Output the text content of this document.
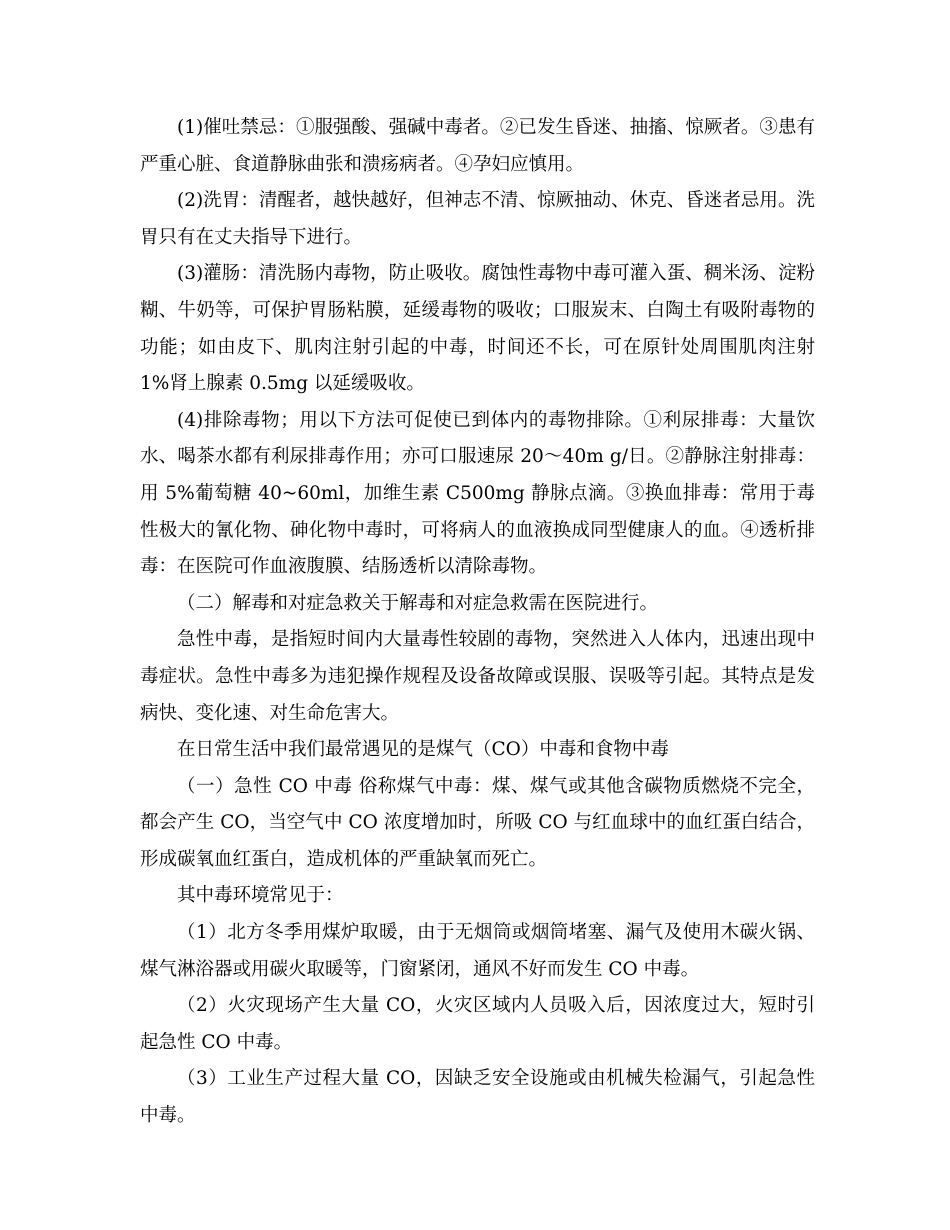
(1)催吐禁忌：①服强酸、强碱中毒者。②已发生昏迷、抽搐、惊厥者。③患有严重心脏、食道静脉曲张和溃疡病者。④孕妇应慎用。

(2)洗胃：清醒者，越快越好，但神志不清、惊厥抽动、休克、昏迷者忌用。洗胃只有在丈夫指导下进行。

(3)灌肠：清洗肠内毒物，防止吸收。腐蚀性毒物中毒可灌入蛋、稠米汤、淀粉糊、牛奶等，可保护胃肠粘膜，延缓毒物的吸收；口服炭末、白陶土有吸附毒物的功能；如由皮下、肌肉注射引起的中毒，时间还不长，可在原针处周围肌肉注射 1%肾上腺素 0.5mg 以延缓吸收。

(4)排除毒物；用以下方法可促使已到体内的毒物排除。①利尿排毒：大量饮水、喝茶水都有利尿排毒作用；亦可口服速尿 20～40m g/日。②静脉注射排毒：用 5%葡萄糖 40~60ml，加维生素 C500mg 静脉点滴。③换血排毒：常用于毒性极大的氰化物、砷化物中毒时，可将病人的血液换成同型健康人的血。④透析排毒：在医院可作血液腹膜、结肠透析以清除毒物。

（二）解毒和对症急救关于解毒和对症急救需在医院进行。

急性中毒，是指短时间内大量毒性较剧的毒物，突然进入人体内，迅速出现中毒症状。急性中毒多为违犯操作规程及设备故障或误服、误吸等引起。其特点是发病快、变化速、对生命危害大。

在日常生活中我们最常遇见的是煤气（CO）中毒和食物中毒

（一）急性 CO 中毒 俗称煤气中毒：煤、煤气或其他含碳物质燃烧不完全，都会产生 CO，当空气中 CO 浓度增加时，所吸 CO 与红血球中的血红蛋白结合，形成碳氧血红蛋白，造成机体的严重缺氧而死亡。

其中毒环境常见于：

（1）北方冬季用煤炉取暖，由于无烟筒或烟筒堵塞、漏气及使用木碳火锅、煤气淋浴器或用碳火取暖等，门窗紧闭，通风不好而发生 CO 中毒。

（2）火灾现场产生大量 CO，火灾区域内人员吸入后，因浓度过大，短时引起急性 CO 中毒。

（3）工业生产过程大量 CO，因缺乏安全设施或由机械失检漏气，引起急性中毒。
